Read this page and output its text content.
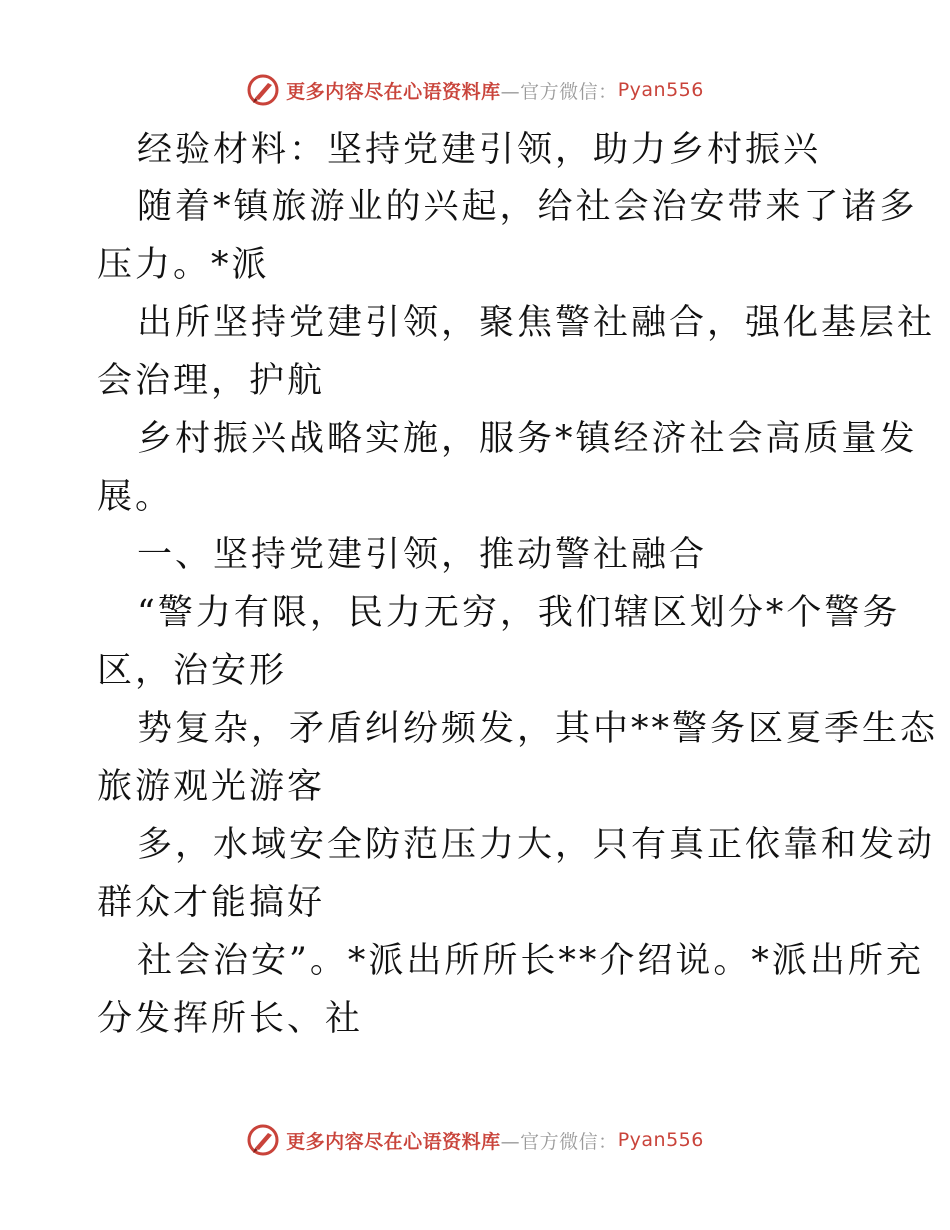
更多内容尽在心语资料库 —官方微信： Pyan556
经验材料：坚持党建引领，助力乡村振兴
随着*镇旅游业的兴起，给社会治安带来了诸多
压力。*派
出所坚持党建引领，聚焦警社融合，强化基层社
会治理，护航
乡村振兴战略实施，服务*镇经济社会高质量发
展。
一、坚持党建引领，推动警社融合
“警力有限，民力无穷，我们辖区划分*个警务
区，治安形
势复杂，矛盾纠纷频发，其中**警务区夏季生态
旅游观光游客
多，水域安全防范压力大，只有真正依靠和发动
群众才能搞好
社会治安”。*派出所所长**介绍说。*派出所充
分发挥所长、社
更多内容尽在心语资料库 —官方微信： Pyan556
